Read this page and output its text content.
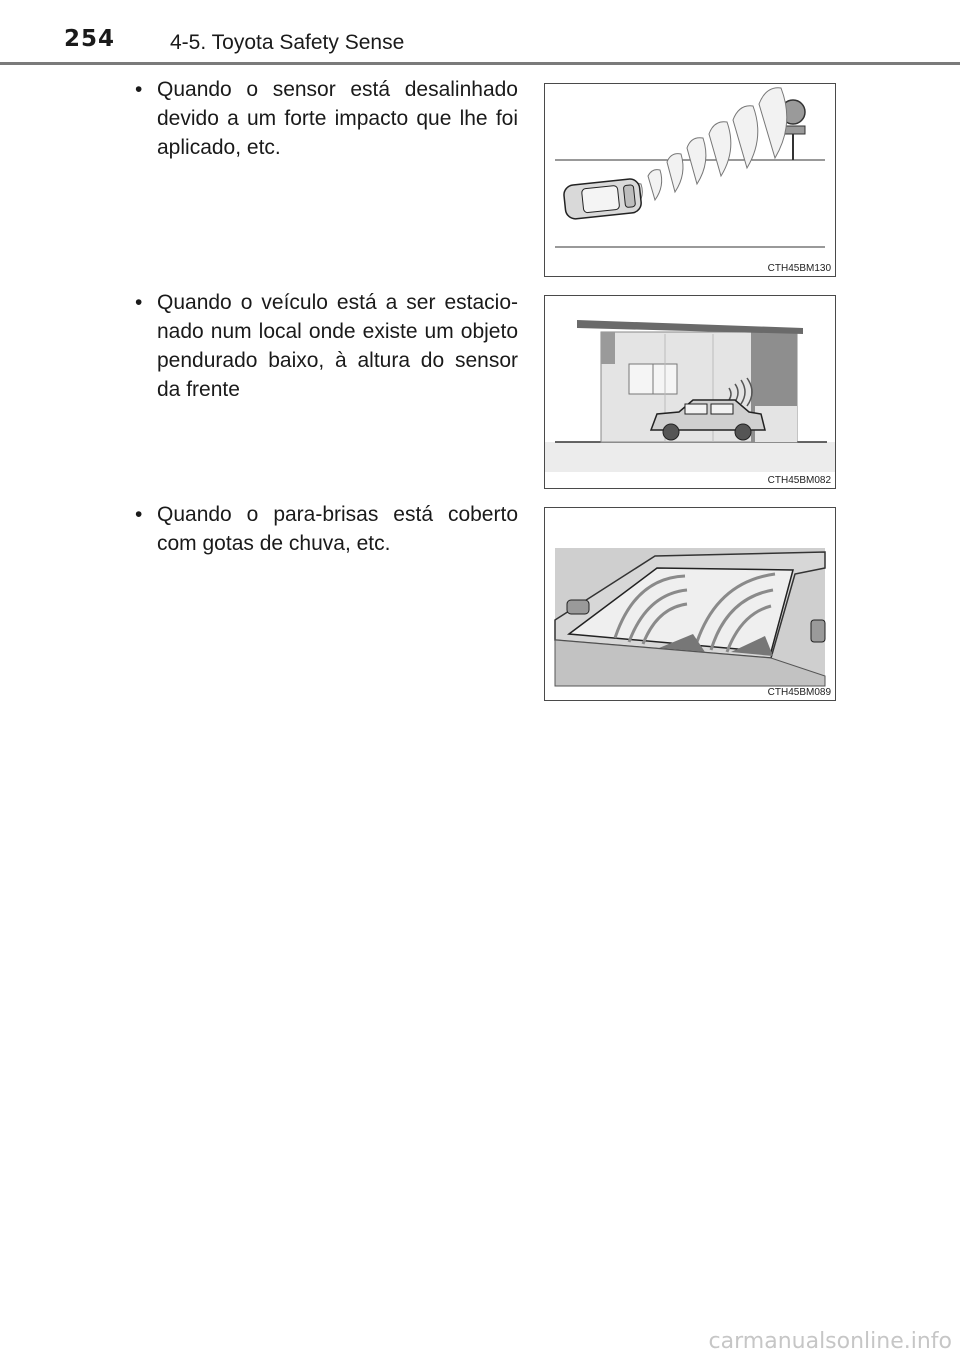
254	4-5. Toyota Safety Sense
• Quando o sensor está desalinhado devido a um forte impacto que lhe foi aplicado, etc.
CTH45BM130
• Quando o veículo está a ser estacio-nado num local onde existe um objeto pendurado baixo, à altura do sensor da frente
CTH45BM082
• Quando o para-brisas está coberto com gotas de chuva, etc.
CTH45BM089
carmanualsonline.info
